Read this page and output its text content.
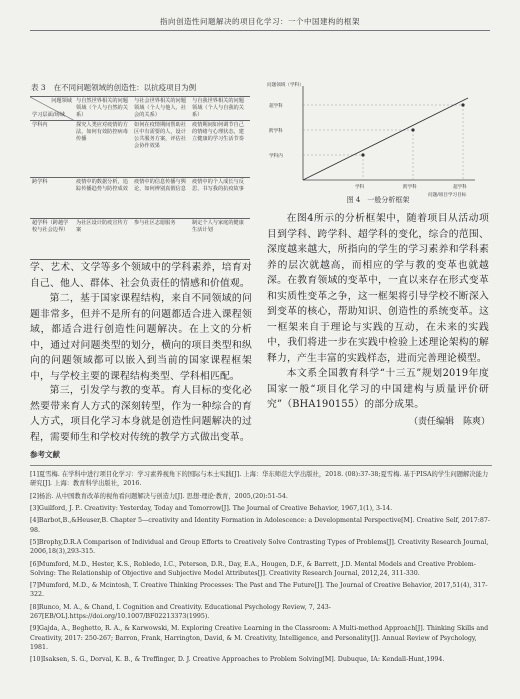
指向创造性问题解决的项目化学习：一个中国建构的框架
表 3 在不同问题领域的创造性：以抗疫项目为例
问题领域
学习层面/场域	与自然世界相关的问题领域（个人与自然的关系）	与社会世界相关的问题领域（个人与他人、社会的关系）	与自我世界相关的问题领域（个人与自我的关系）
学科内	探究人类应对疫情的方法，如何有效防控病毒传播	如何在疫情期间帮助社区中有需要的人，设计公共服务方案，评估社会协作效果	疫情期间如何调节自己的情绪与心理状态，建立健康的学习生活节奏
跨学科	疫情中的数据分析，追踪传播趋势与防控成效	疫情中的信息传播与舆论，如何辨别真假信息	疫情中的个人成长与反思，书写我的抗疫故事
超学科（跨越学校与社会边界）	为社区设计防疫宣传方案	参与社区志愿服务	制定个人与家庭的健康生活计划
问题领域（学科）
学科内
跨学科
超学科
学科	跨学科	超学科
问题/项目学习目标
图 4　一般分析框架
学、艺术、文学等多个领域中的学科素养，培育对自己、他人、群体、社会负责任的情感和价值观。
第二，基于国家课程结构，来自不同领域的问题非常多，但并不是所有的问题都适合进入课程领域，都适合进行创造性问题解决。在上文的分析中，通过对问题类型的划分，横向的项目类型和纵向的问题领域都可以嵌入到当前的国家课程框架中，与学校主要的课程结构类型、学科相匹配。
第三，引发学与教的变革。育人目标的变化必然要带来育人方式的深刻转型，作为一种综合的育人方式，项目化学习本身就是创造性问题解决的过程，需要师生和学校对传统的教学方式做出变革。
在图4所示的分析框架中，随着项目从活动项目到学科、跨学科、超学科的变化，综合的范围、深度越来越大，所指向的学生的学习素养和学科素养的层次就越高，而相应的学与教的变革也就越深。在教育领域的变革中，一直以来存在形式变革和实质性变革之争，这一框架将引导学校不断深入到变革的核心，帮助知识、创造性的系统变革。这一框架来自于理论与实践的互动，在未来的实践中，我们将进一步在实践中检验上述理论架构的解释力，产生丰富的实践样态，进而完善理论模型。
本文系全国教育科学“十三五”规划2019年度国家一般“项目化学习的中国建构与质量评价研究”（BHA190155）的部分成果。
（责任编辑　陈爽）
参考文献
[1]夏雪梅. 在学科中进行项目化学习：学习素养视角下的国际与本土实践[J]. 上海：华东师范大学出版社，2018. (08):37-38;夏雪梅. 基于PISA的学生问题解决能力研究[J]. 上海：教育科学出版社，2016.
[2]杨治. 从中国教育改革的视角看问题解决与创造力[J]. 思想·理论·教育，2005,(20):51-54.
[3]Guilford, J. P.. Creativity: Yesterday, Today and Tomorrow[J]. The Journal of Creative Behavior, 1967,1(1), 3-14.
[4]Barbot,B.,&Heuser,B. Chapter 5—creativity and Identity Formation in Adolescence: a Developmental Perspective[M]. Creative Self, 2017:87-98.
[5]Brophy,D.R.A Comparison of Individual and Group Efforts to Creatively Solve Contrasting Types of Problems[J]. Creativity Research Journal, 2006,18(3),293-315.
[6]Mumford, M.D., Hester, K.S., Robledo, I.C., Peterson, D.R., Day, E.A., Hougen, D.F., & Barrett, J.D. Mental Models and Creative Problem-Solving: The Relationship of Objective and Subjective Model Attributes[J]. Creativity Research Journal, 2012,24, 311-330.
[7]Mumford, M.D., & Mcintosh, T. Creative Thinking Processes: The Past and The Future[J]. The Journal of Creative Behavior, 2017,51(4), 317-322.
[8]Runco, M. A., & Chand, I. Cognition and Creativity. Educational Psychology Review, 7, 243-267[EB/OL].https://doi.org/10.1007/BF02213373(1995).
[9]Gajda, A., Beghetto, R. A., & Karwowski, M. Exploring Creative Learning in the Classroom: A Multi-method Approach[J]. Thinking Skills and Creativity, 2017: 250-267; Barron, Frank, Harrington, David, & M. Creativity, Intelligence, and Personality[J]. Annual Review of Psychology, 1981.
[10]Isaksen, S. G., Dorval, K. B., & Treffinger, D. J. Creative Approaches to Problem Solving[M]. Dubuque, IA: Kendall-Hunt,1994.
